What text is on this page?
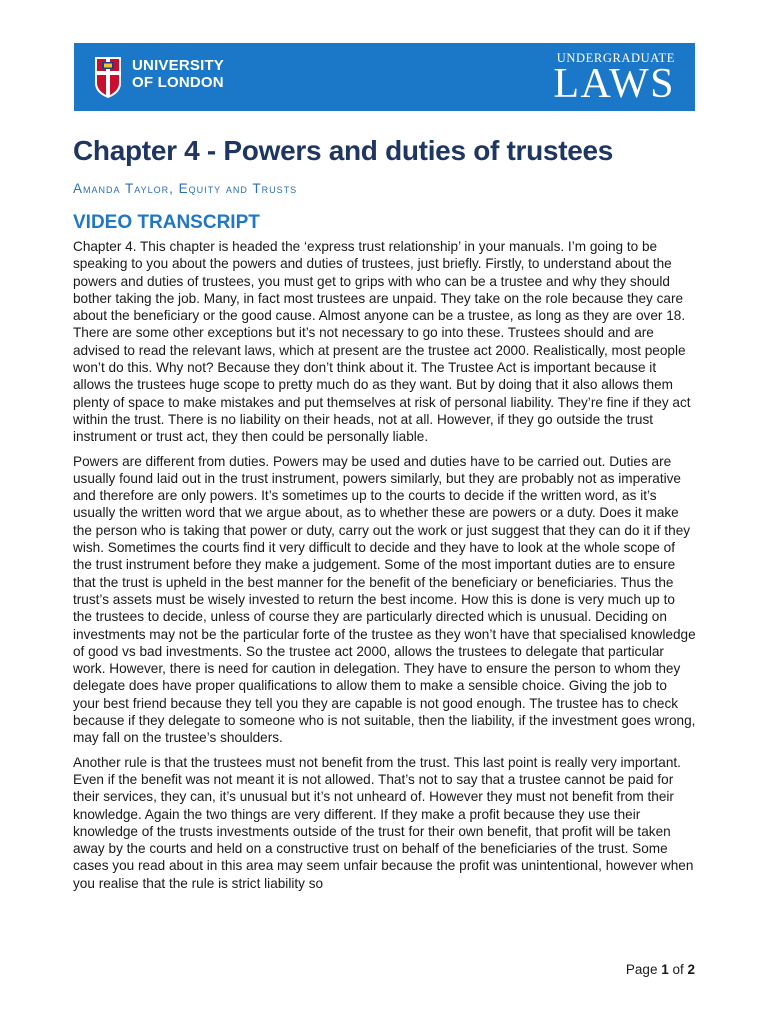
UNIVERSITY
OF LONDON
UNDERGRADUATE
LAWS
Chapter 4 - Powers and duties of trustees
Amanda Taylor, Equity and Trusts
VIDEO TRANSCRIPT

Chapter 4. This chapter is headed the ‘express trust relationship’ in your manuals. I’m going to be speaking to you about the powers and duties of trustees, just briefly. Firstly, to understand about the powers and duties of trustees, you must get to grips with who can be a trustee and why they should bother taking the job. Many, in fact most trustees are unpaid. They take on the role because they care about the beneficiary or the good cause. Almost anyone can be a trustee, as long as they are over 18. There are some other exceptions but it’s not necessary to go into these. Trustees should and are advised to read the relevant laws, which at present are the trustee act 2000. Realistically, most people won’t do this. Why not? Because they don’t think about it. The Trustee Act is important because it allows the trustees huge scope to pretty much do as they want. But by doing that it also allows them plenty of space to make mistakes and put themselves at risk of personal liability. They’re fine if they act within the trust. There is no liability on their heads, not at all. However, if they go outside the trust instrument or trust act, they then could be personally liable.

Powers are different from duties. Powers may be used and duties have to be carried out. Duties are usually found laid out in the trust instrument, powers similarly, but they are probably not as imperative and therefore are only powers. It’s sometimes up to the courts to decide if the written word, as it’s usually the written word that we argue about, as to whether these are powers or a duty. Does it make the person who is taking that power or duty, carry out the work or just suggest that they can do it if they wish. Sometimes the courts find it very difficult to decide and they have to look at the whole scope of the trust instrument before they make a judgement. Some of the most important duties are to ensure that the trust is upheld in the best manner for the benefit of the beneficiary or beneficiaries. Thus the trust’s assets must be wisely invested to return the best income. How this is done is very much up to the trustees to decide, unless of course they are particularly directed which is unusual. Deciding on investments may not be the particular forte of the trustee as they won’t have that specialised knowledge of good vs bad investments. So the trustee act 2000, allows the trustees to delegate that particular work. However, there is need for caution in delegation. They have to ensure the person to whom they delegate does have proper qualifications to allow them to make a sensible choice. Giving the job to your best friend because they tell you they are capable is not good enough. The trustee has to check because if they delegate to someone who is not suitable, then the liability, if the investment goes wrong, may fall on the trustee’s shoulders.

Another rule is that the trustees must not benefit from the trust. This last point is really very important. Even if the benefit was not meant it is not allowed. That’s not to say that a trustee cannot be paid for their services, they can, it’s unusual but it’s not unheard of. However they must not benefit from their knowledge. Again the two things are very different. If they make a profit because they use their knowledge of the trusts investments outside of the trust for their own benefit, that profit will be taken away by the courts and held on a constructive trust on behalf of the beneficiaries of the trust. Some cases you read about in this area may seem unfair because the profit was unintentional, however when you realise that the rule is strict liability so

Page 1 of 2
